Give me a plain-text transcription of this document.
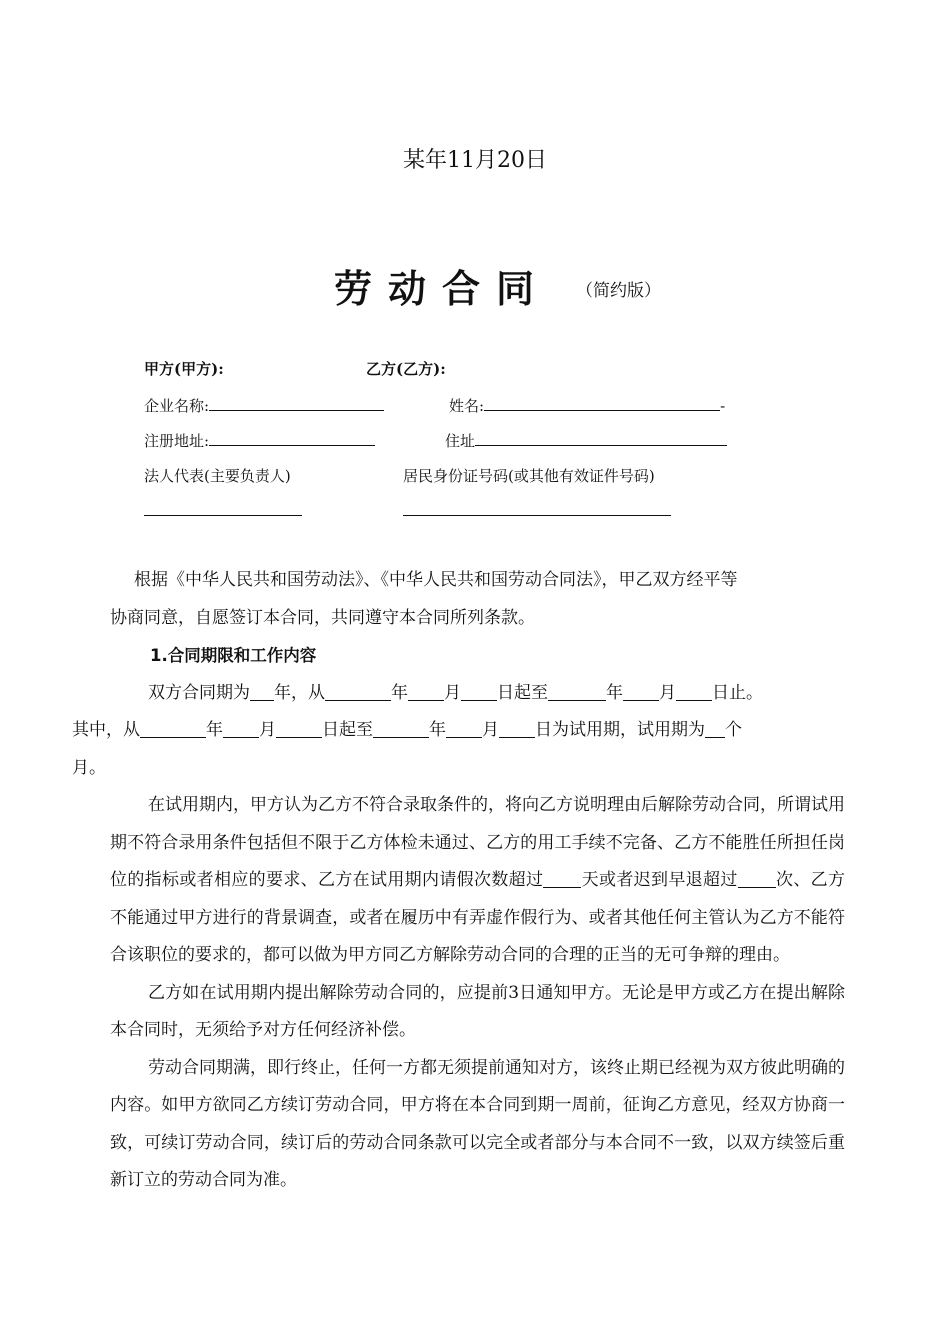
某年11月20日
劳动合同 （简约版）
甲方(甲方):	乙方(乙方):
企业名称:	姓名:	-
注册地址:	住址
法人代表(主要负责人)	居民身份证号码(或其他有效证件号码)

根据《中华人民共和国劳动法》、《中华人民共和国劳动合同法》，甲乙双方经平等
协商同意，自愿签订本合同，共同遵守本合同所列条款。

1.合同期限和工作内容

双方合同期为 年，从	年 月 日起至	年 月 日止。
其中，从	年 月	日起至	年 月 日为试用期，试用期为 个
月。

在试用期内，甲方认为乙方不符合录取条件的，将向乙方说明理由后解除劳动合同，所谓试用期不符合录用条件包括但不限于乙方体检未通过、乙方的用工手续不完备、乙方不能胜任所担任岗位的指标或者相应的要求、乙方在试用期内请假次数超过 天或者迟到早退超过 次、乙方不能通过甲方进行的背景调查，或者在履历中有弄虚作假行为、或者其他任何主管认为乙方不能符合该职位的要求的，都可以做为甲方同乙方解除劳动合同的合理的正当的无可争辩的理由。

乙方如在试用期内提出解除劳动合同的，应提前3日通知甲方。无论是甲方或乙方在提出解除本合同时，无须给予对方任何经济补偿。

劳动合同期满，即行终止，任何一方都无须提前通知对方，该终止期已经视为双方彼此明确的内容。如甲方欲同乙方续订劳动合同，甲方将在本合同到期一周前，征询乙方意见，经双方协商一致，可续订劳动合同，续订后的劳动合同条款可以完全或者部分与本合同不一致，以双方续签后重新订立的劳动合同为准。
